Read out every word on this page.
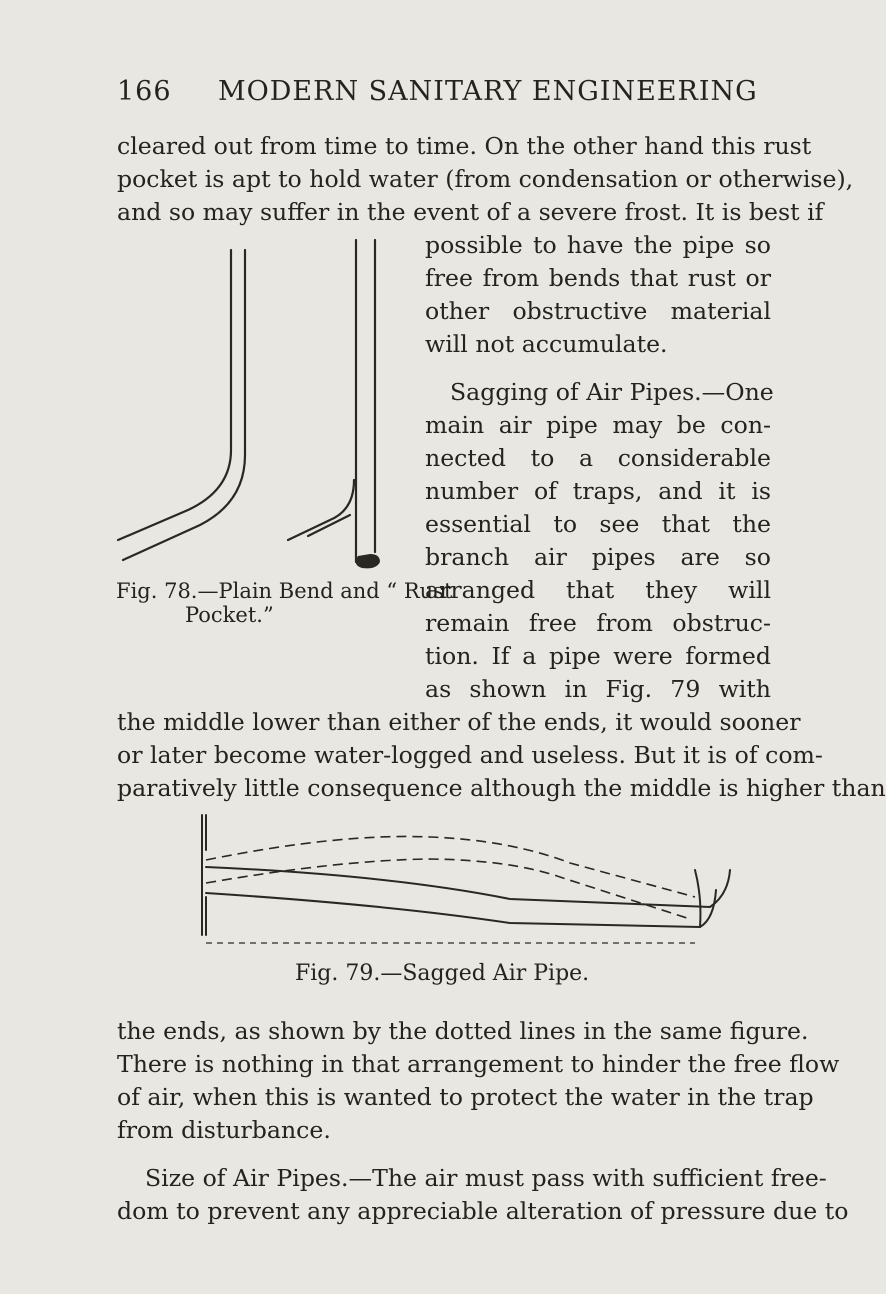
166 MODERN SANITARY ENGINEERING
cleared out from time to time. On the other hand this rust
pocket is apt to hold water (from condensation or otherwise),
and so may suffer in the event of a severe frost. It is best if
possible to have the pipe so
free from bends that rust or
other obstructive material
will not accumulate.
Sagging of Air Pipes.—One
main air pipe may be con-
nected to a considerable
number of traps, and it is
essential to see that the
branch air pipes are so
arranged that they will
remain free from obstruc-
tion. If a pipe were formed
as shown in Fig. 79 with
Fig. 78.—Plain Bend and “ Rust
Pocket.”
the middle lower than either of the ends, it would sooner
or later become water-logged and useless. But it is of com-
paratively little consequence although the middle is higher than
Fig. 79.—Sagged Air Pipe.
the ends, as shown by the dotted lines in the same figure.
There is nothing in that arrangement to hinder the free flow
of air, when this is wanted to protect the water in the trap
from disturbance.
Size of Air Pipes.—The air must pass with sufficient free-
dom to prevent any appreciable alteration of pressure due to
